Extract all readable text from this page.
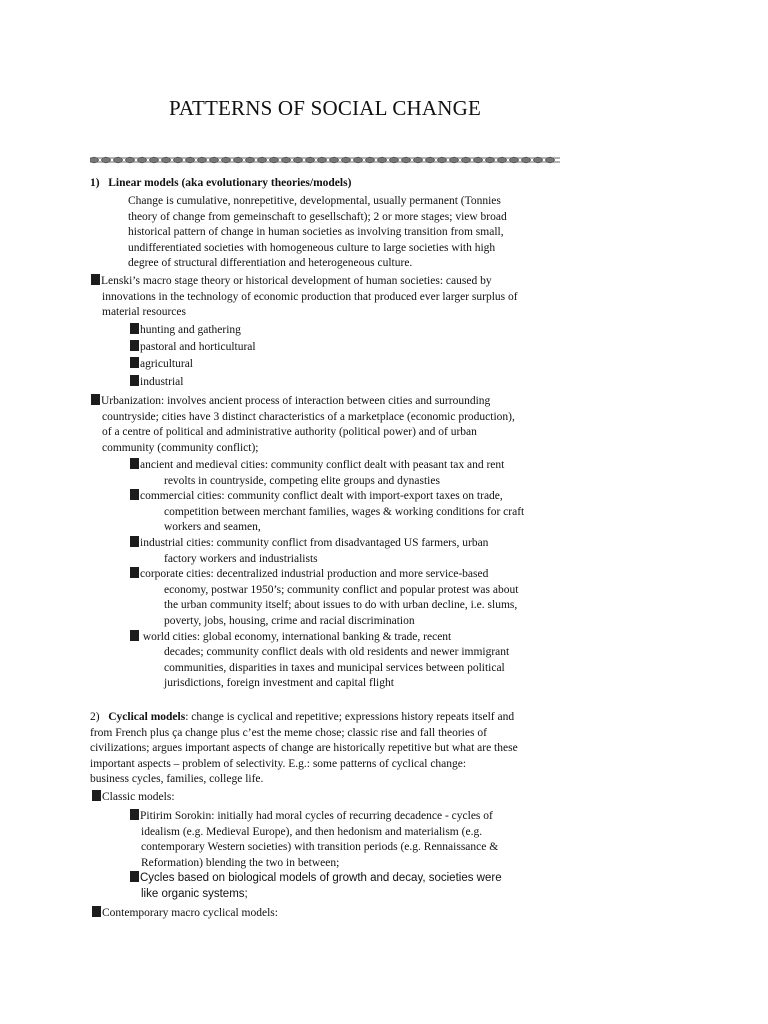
PATTERNS OF SOCIAL CHANGE
1) Linear models (aka evolutionary theories/models)
Change is cumulative, nonrepetitive, developmental, usually permanent (Tonnies
theory of change from gemeinschaft to gesellschaft); 2 or more stages; view broad
historical pattern of change in human societies as involving transition from small,
undifferentiated societies with homogeneous culture to large societies with high
degree of structural differentiation and heterogeneous culture.
Lenski’s macro stage theory or historical development of human societies: caused by
innovations in the technology of economic production that produced ever larger surplus of
material resources
hunting and gathering
pastoral and horticultural
agricultural
industrial
Urbanization: involves ancient process of interaction between cities and surrounding
countryside; cities have 3 distinct characteristics of a marketplace (economic production),
of a centre of political and administrative authority (political power) and of urban
community (community conflict);
ancient and medieval cities: community conflict dealt with peasant tax and rent
revolts in countryside, competing elite groups and dynasties
commercial cities: community conflict dealt with import-export taxes on trade,
competition between merchant families, wages & working conditions for craft
workers and seamen,
industrial cities: community conflict from disadvantaged US farmers, urban
factory workers and industrialists
corporate cities: decentralized industrial production and more service-based
economy, postwar 1950’s; community conflict and popular protest was about
the urban community itself; about issues to do with urban decline, i.e. slums,
poverty, jobs, housing, crime and racial discrimination
world cities: global economy, international banking & trade, recent
decades; community conflict deals with old residents and newer immigrant
communities, disparities in taxes and municipal services between political
jurisdictions, foreign investment and capital flight
2) Cyclical models: change is cyclical and repetitive; expressions history repeats itself and
from French plus ça change plus c’est the meme chose; classic rise and fall theories of
civilizations; argues important aspects of change are historically repetitive but what are these
important aspects – problem of selectivity. E.g.: some patterns of cyclical change:
business cycles, families, college life.
Classic models:
Pitirim Sorokin: initially had moral cycles of recurring decadence - cycles of
idealism (e.g. Medieval Europe), and then hedonism and materialism (e.g.
contemporary Western societies) with transition periods (e.g. Rennaissance &
Reformation) blending the two in between;
Cycles based on biological models of growth and decay, societies were
like organic systems;
Contemporary macro cyclical models:
